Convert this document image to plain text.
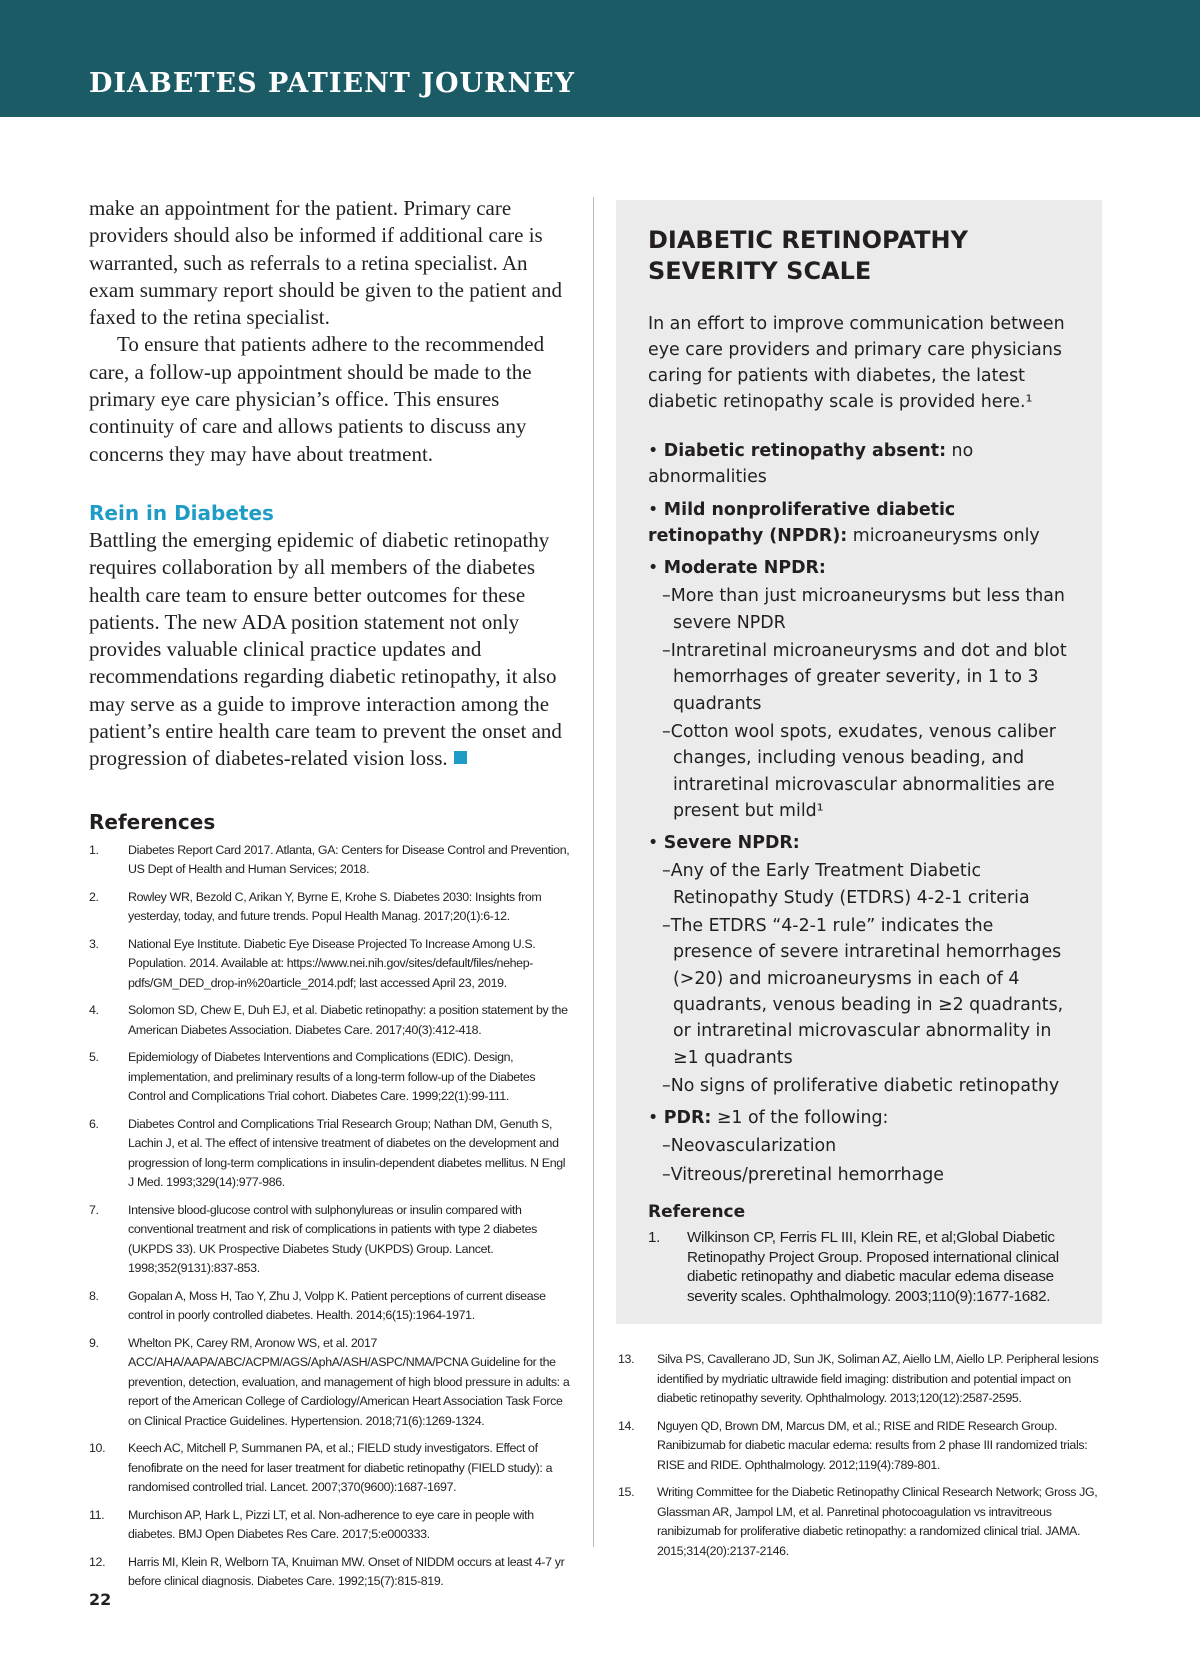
DIABETES PATIENT JOURNEY

make an appointment for the patient. Primary care providers should also be informed if additional care is warranted, such as referrals to a retina specialist. An exam summary report should be given to the patient and faxed to the retina specialist.

To ensure that patients adhere to the recommended care, a follow-up appointment should be made to the primary eye care physician’s office. This ensures continuity of care and allows patients to discuss any concerns they may have about treatment.

Rein in Diabetes

Battling the emerging epidemic of diabetic retinopathy requires collaboration by all members of the diabetes health care team to ensure better outcomes for these patients. The new ADA position statement not only provides valuable clinical practice updates and recommendations regarding diabetic retinopathy, it also may serve as a guide to improve interaction among the patient’s entire health care team to prevent the onset and progression of diabetes-related vision loss.

References
1.	Diabetes Report Card 2017. Atlanta, GA: Centers for Disease Control and Prevention, US Dept of Health and Human Services; 2018.
2.	Rowley WR, Bezold C, Arikan Y, Byrne E, Krohe S. Diabetes 2030: Insights from yesterday, today, and future trends. Popul Health Manag. 2017;20(1):6-12.
3.	National Eye Institute. Diabetic Eye Disease Projected To Increase Among U.S. Population. 2014. Available at: https://www.nei.nih.gov/sites/default/files/nehep-pdfs/GM_DED_drop-in%20article_2014.pdf; last accessed April 23, 2019.
4.	Solomon SD, Chew E, Duh EJ, et al. Diabetic retinopathy: a position statement by the American Diabetes Association. Diabetes Care. 2017;40(3):412-418.
5.	Epidemiology of Diabetes Interventions and Complications (EDIC). Design, implementation, and preliminary results of a long-term follow-up of the Diabetes Control and Complications Trial cohort. Diabetes Care. 1999;22(1):99-111.
6.	Diabetes Control and Complications Trial Research Group; Nathan DM, Genuth S, Lachin J, et al. The effect of intensive treatment of diabetes on the development and progression of long-term complications in insulin-dependent diabetes mellitus. N Engl J Med. 1993;329(14):977-986.
7.	Intensive blood-glucose control with sulphonylureas or insulin compared with conventional treatment and risk of complications in patients with type 2 diabetes (UKPDS 33). UK Prospective Diabetes Study (UKPDS) Group. Lancet. 1998;352(9131):837-853.
8.	Gopalan A, Moss H, Tao Y, Zhu J, Volpp K. Patient perceptions of current disease control in poorly controlled diabetes. Health. 2014;6(15):1964-1971.
9.	Whelton PK, Carey RM, Aronow WS, et al. 2017 ACC/AHA/AAPA/ABC/ACPM/AGS/AphA/ASH/ASPC/NMA/PCNA Guideline for the prevention, detection, evaluation, and management of high blood pressure in adults: a report of the American College of Cardiology/American Heart Association Task Force on Clinical Practice Guidelines. Hypertension. 2018;71(6):1269-1324.
10.	Keech AC, Mitchell P, Summanen PA, et al.; FIELD study investigators. Effect of fenofibrate on the need for laser treatment for diabetic retinopathy (FIELD study): a randomised controlled trial. Lancet. 2007;370(9600):1687-1697.
11.	Murchison AP, Hark L, Pizzi LT, et al. Non-adherence to eye care in people with diabetes. BMJ Open Diabetes Res Care. 2017;5:e000333.
12.	Harris MI, Klein R, Welborn TA, Knuiman MW. Onset of NIDDM occurs at least 4-7 yr before clinical diagnosis. Diabetes Care. 1992;15(7):815-819.
DIABETIC RETINOPATHY
SEVERITY SCALE

In an effort to improve communication between eye care providers and primary care physicians caring for patients with diabetes, the latest diabetic retinopathy scale is provided here.¹

• Diabetic retinopathy absent: no abnormalities
• Mild nonproliferative diabetic retinopathy (NPDR): microaneurysms only
• Moderate NPDR:
–More than just microaneurysms but less than severe NPDR
–Intraretinal microaneurysms and dot and blot hemorrhages of greater severity, in 1 to 3 quadrants
–Cotton wool spots, exudates, venous caliber changes, including venous beading, and intraretinal microvascular abnormalities are present but mild¹
• Severe NPDR:
–Any of the Early Treatment Diabetic Retinopathy Study (ETDRS) 4-2-1 criteria
–The ETDRS “4-2-1 rule” indicates the presence of severe intraretinal hemorrhages (>20) and microaneurysms in each of 4 quadrants, venous beading in ≥2 quadrants, or intraretinal microvascular abnormality in ≥1 quadrants
–No signs of proliferative diabetic retinopathy
• PDR: ≥1 of the following:
–Neovascularization
–Vitreous/preretinal hemorrhage
Reference
1.	Wilkinson CP, Ferris FL III, Klein RE, et al;Global Diabetic Retinopathy Project Group. Proposed international clinical diabetic retinopathy and diabetic macular edema disease severity scales. Ophthalmology. 2003;110(9):1677-1682.
13.	Silva PS, Cavallerano JD, Sun JK, Soliman AZ, Aiello LM, Aiello LP. Peripheral lesions identified by mydriatic ultrawide field imaging: distribution and potential impact on diabetic retinopathy severity. Ophthalmology. 2013;120(12):2587-2595.
14.	Nguyen QD, Brown DM, Marcus DM, et al.; RISE and RIDE Research Group. Ranibizumab for diabetic macular edema: results from 2 phase III randomized trials: RISE and RIDE. Ophthalmology. 2012;119(4):789-801.
15.	Writing Committee for the Diabetic Retinopathy Clinical Research Network; Gross JG, Glassman AR, Jampol LM, et al. Panretinal photocoagulation vs intravitreous ranibizumab for proliferative diabetic retinopathy: a randomized clinical trial. JAMA. 2015;314(20):2137-2146.
22
